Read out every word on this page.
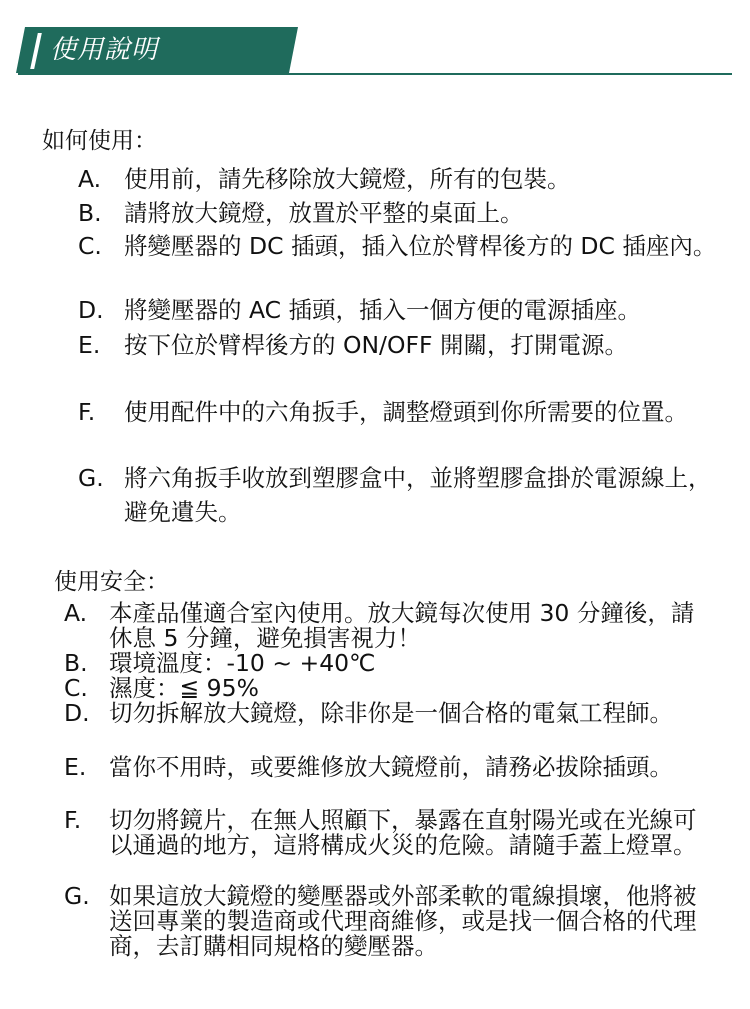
使用說明
如何使用：
A. 使用前，請先移除放大鏡燈，所有的包裝。
B. 請將放大鏡燈，放置於平整的桌面上。
C. 將變壓器的 DC 插頭，插入位於臂桿後方的 DC 插座內。
D. 將變壓器的 AC 插頭，插入一個方便的電源插座。
E.	按下位於臂桿後方的 ON/OFF 開關，打開電源。
F.	使用配件中的六角扳手，調整燈頭到你所需要的位置。
G. 將六角扳手收放到塑膠盒中，並將塑膠盒掛於電源線上，避免遺失。
使用安全：
A. 本產品僅適合室內使用。放大鏡每次使用 30 分鐘後，請休息 5 分鐘，避免損害視力！
B. 環境溫度：-10 ~ +40℃
C. 濕度：≦ 95%
D. 切勿拆解放大鏡燈，除非你是一個合格的電氣工程師。
E. 當你不用時，或要維修放大鏡燈前，請務必拔除插頭。
F.	切勿將鏡片，在無人照顧下，暴露在直射陽光或在光線可以通過的地方，這將構成火災的危險。請隨手蓋上燈罩。
G. 如果這放大鏡燈的變壓器或外部柔軟的電線損壞，他將被送回專業的製造商或代理商維修，或是找一個合格的代理商，去訂購相同規格的變壓器。
